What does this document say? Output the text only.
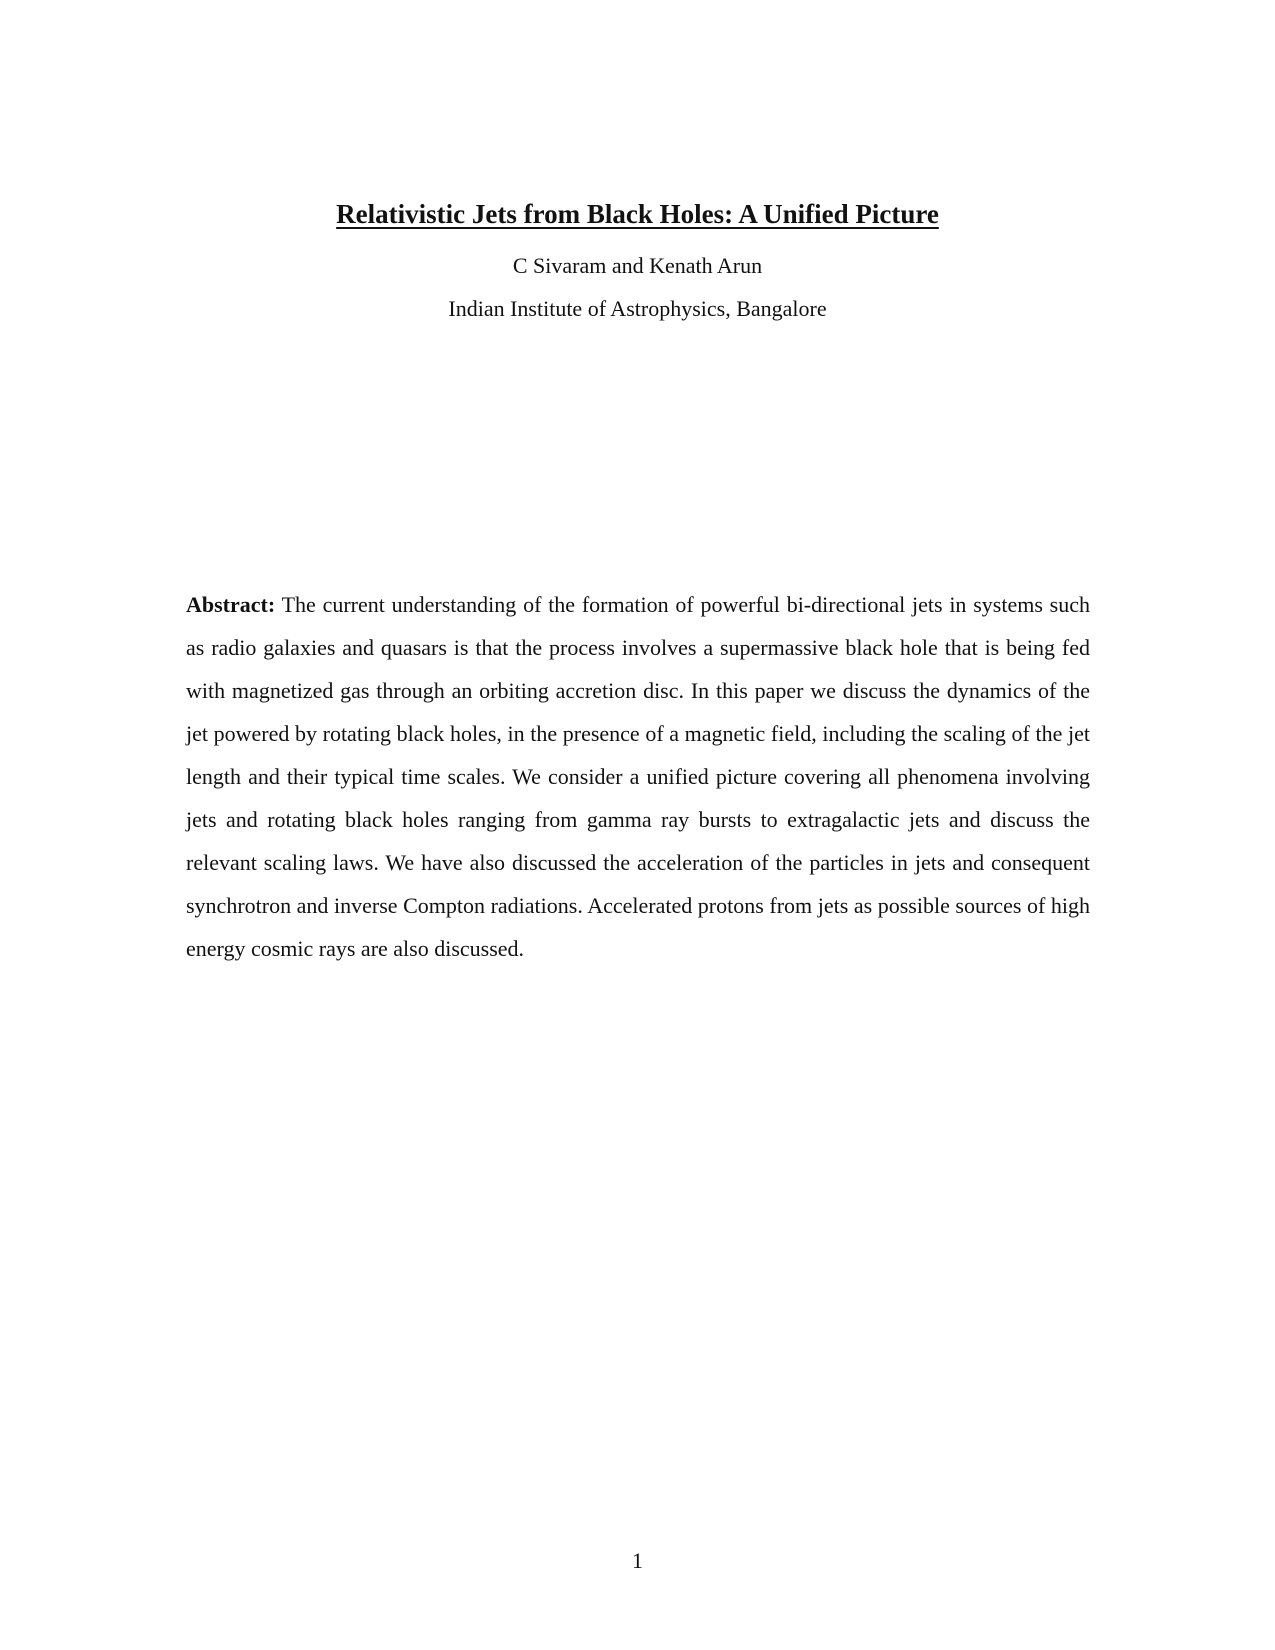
Relativistic Jets from Black Holes: A Unified Picture
C Sivaram and Kenath Arun
Indian Institute of Astrophysics, Bangalore

Abstract: The current understanding of the formation of powerful bi-directional jets in systems such as radio galaxies and quasars is that the process involves a supermassive black hole that is being fed with magnetized gas through an orbiting accretion disc. In this paper we discuss the dynamics of the jet powered by rotating black holes, in the presence of a magnetic field, including the scaling of the jet length and their typical time scales. We consider a unified picture covering all phenomena involving jets and rotating black holes ranging from gamma ray bursts to extragalactic jets and discuss the relevant scaling laws. We have also discussed the acceleration of the particles in jets and consequent synchrotron and inverse Compton radiations. Accelerated protons from jets as possible sources of high energy cosmic rays are also discussed.

1
